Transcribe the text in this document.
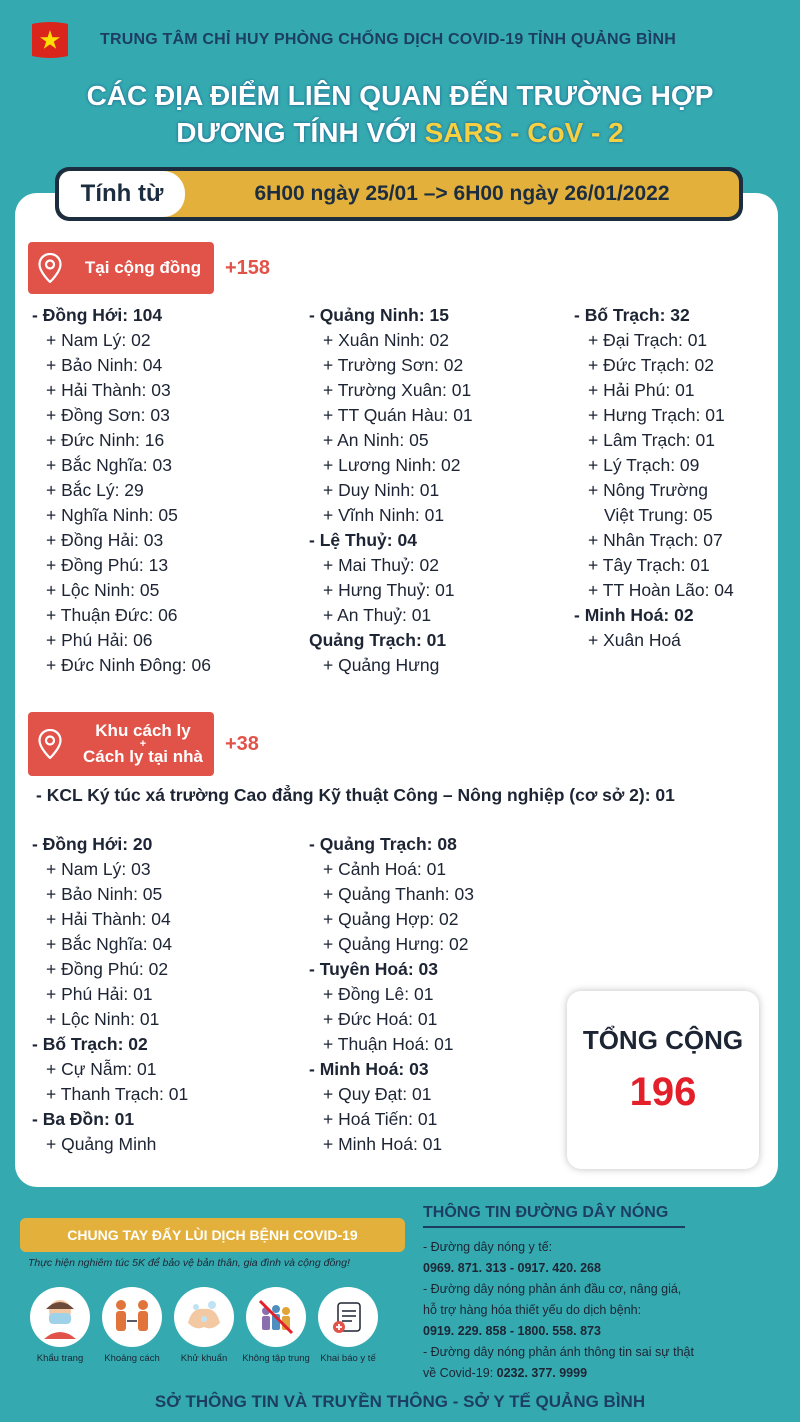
TRUNG TÂM CHỈ HUY PHÒNG CHỐNG DỊCH COVID-19 TỈNH QUẢNG BÌNH
CÁC ĐỊA ĐIỂM LIÊN QUAN ĐẾN TRƯỜNG HỢP
DƯƠNG TÍNH VỚI SARS - CoV - 2
Tính từ	6H00 ngày 25/01 –> 6H00 ngày 26/01/2022
Tại cộng đồng	+158
- Đồng Hới: 104
+ Nam Lý: 02
+ Bảo Ninh: 04
+ Hải Thành: 03
+ Đồng Sơn: 03
+ Đức Ninh: 16
+ Bắc Nghĩa: 03
+ Bắc Lý: 29
+ Nghĩa Ninh: 05
+ Đồng Hải: 03
+ Đồng Phú: 13
+ Lộc Ninh: 05
+ Thuận Đức: 06
+ Phú Hải: 06
+ Đức Ninh Đông: 06
- Quảng Ninh: 15
+ Xuân Ninh: 02
+ Trường Sơn: 02
+ Trường Xuân: 01
+ TT Quán Hàu: 01
+ An Ninh: 05
+ Lương Ninh: 02
+ Duy Ninh: 01
+ Vĩnh Ninh: 01
- Lệ Thuỷ: 04
+ Mai Thuỷ: 02
+ Hưng Thuỷ: 01
+ An Thuỷ: 01
Quảng Trạch: 01
+ Quảng Hưng
- Bố Trạch: 32
+ Đại Trạch: 01
+ Đức Trạch: 02
+ Hải Phú: 01
+ Hưng Trạch: 01
+ Lâm Trạch: 01
+ Lý Trạch: 09
+ Nông Trường
Việt Trung: 05
+ Nhân Trạch: 07
+ Tây Trạch: 01
+ TT Hoàn Lão: 04
- Minh Hoá: 02
+ Xuân Hoá
Khu cách ly
+
Cách ly tại nhà
+38
- KCL Ký túc xá trường Cao đẳng Kỹ thuật Công – Nông nghiệp (cơ sở 2): 01
- Đồng Hới: 20
+ Nam Lý: 03
+ Bảo Ninh: 05
+ Hải Thành: 04
+ Bắc Nghĩa: 04
+ Đồng Phú: 02
+ Phú Hải: 01
+ Lộc Ninh: 01
- Bố Trạch: 02
+ Cự Nẫm: 01
+ Thanh Trạch: 01
- Ba Đồn: 01
+ Quảng Minh
- Quảng Trạch: 08
+ Cảnh Hoá: 01
+ Quảng Thanh: 03
+ Quảng Hợp: 02
+ Quảng Hưng: 02
- Tuyên Hoá: 03
+ Đồng Lê: 01
+ Đức Hoá: 01
+ Thuận Hoá: 01
- Minh Hoá: 03
+ Quy Đạt: 01
+ Hoá Tiến: 01
+ Minh Hoá: 01
TỔNG CỘNG
196
CHUNG TAY ĐẨY LÙI DỊCH BỆNH COVID-19
Thực hiện nghiêm túc 5K để bảo vệ bản thân, gia đình và cộng đồng!
Khẩu trang	Khoảng cách	Khử khuẩn	Không tập trung	Khai báo y tế
THÔNG TIN ĐƯỜNG DÂY NÓNG
- Đường dây nóng y tế:
0969. 871. 313 - 0917. 420. 268
- Đường dây nóng phản ánh đầu cơ, nâng giá,
hỗ trợ hàng hóa thiết yếu do dịch bệnh:
0919. 229. 858 - 1800. 558. 873
- Đường dây nóng phản ánh thông tin sai sự thật
về Covid-19: 0232. 377. 9999
SỞ THÔNG TIN VÀ TRUYỀN THÔNG - SỞ Y TẾ QUẢNG BÌNH
